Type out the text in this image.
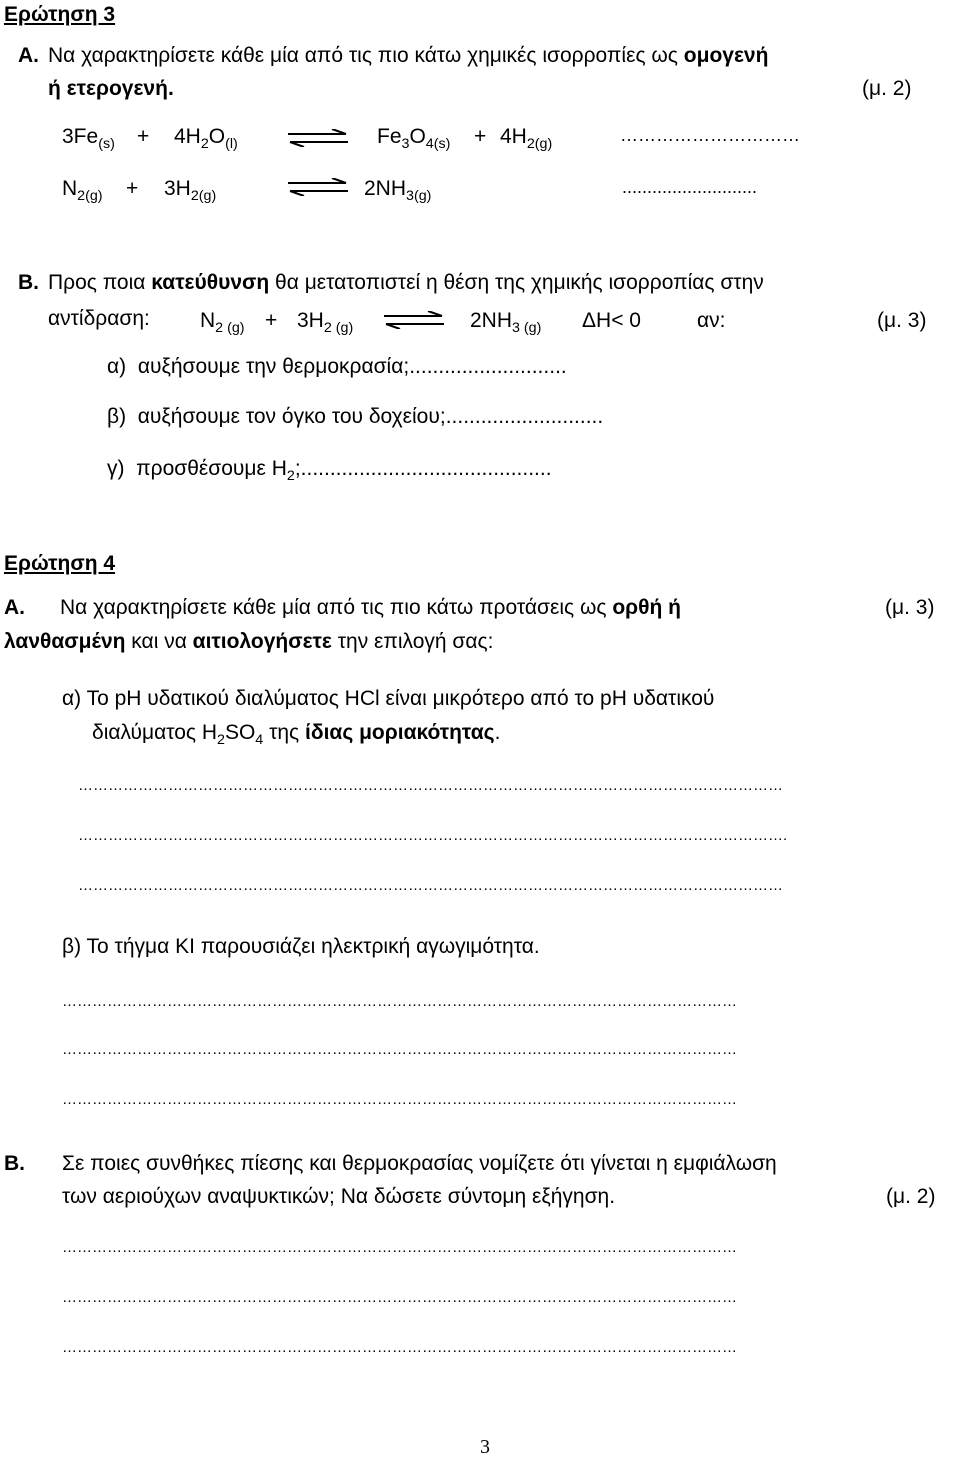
Ερώτηση 3
Α. Να χαρακτηρίσετε κάθε μία από τις πιο κάτω χημικές ισορροπίες ως ομογενή
ή ετερογενή.	(μ. 2)
$3Fe_{(s)} + 4H_2O_{(l)}$ ⇌ $Fe_3O_{4(s)} + 4H_{2(g)}$	…………………………
$N_{2(g)} + 3H_{2(g)}$	⇌ $2NH_{3(g)}$	...........................
Β. Προς ποια κατεύθυνση θα μετατοπιστεί η θέση της χημικής ισορροπίας στην
αντίδραση: $N_{2 (g)} + 3H_{2 (g)}$ ⇌ $2NH_{3 (g)}$ ΔΗ< 0	αν:	(μ. 3)
α) αυξήσουμε την θερμοκρασία;...........................
β) αυξήσουμε τον όγκο του δοχείου;...........................
γ) προσθέσουμε $H_2$;...........................................
Ερώτηση 4
Α. Να χαρακτηρίσετε κάθε μία από τις πιο κάτω προτάσεις ως ορθή ή	(μ. 3)
λανθασμένη και να αιτιολογήσετε την επιλογή σας:
α) Το pH υδατικού διαλύματος HCl είναι μικρότερο από το pH υδατικού
διαλύματος $H_2SO_4$ της ίδιας μοριακότητας.
……………………………………………………………………………………………………………………………
…………………………………………………………………………………………………………………………….
……………………………………………………………………………………………………………………………
β) Το τήγμα KI παρουσιάζει ηλεκτρική αγωγιμότητα.
………………………………………………………………………………………………………………………
………………………………………………………………………………………………………………………
………………………………………………………………………………………………………………………
Β. Σε ποιες συνθήκες πίεσης και θερμοκρασίας νομίζετε ότι γίνεται η εμφιάλωση
των αεριούχων αναψυκτικών; Να δώσετε σύντομη εξήγηση.	(μ. 2)
………………………………………………………………………………………………………………………
………………………………………………………………………………………………………………………
………………………………………………………………………………………………………………………
3
